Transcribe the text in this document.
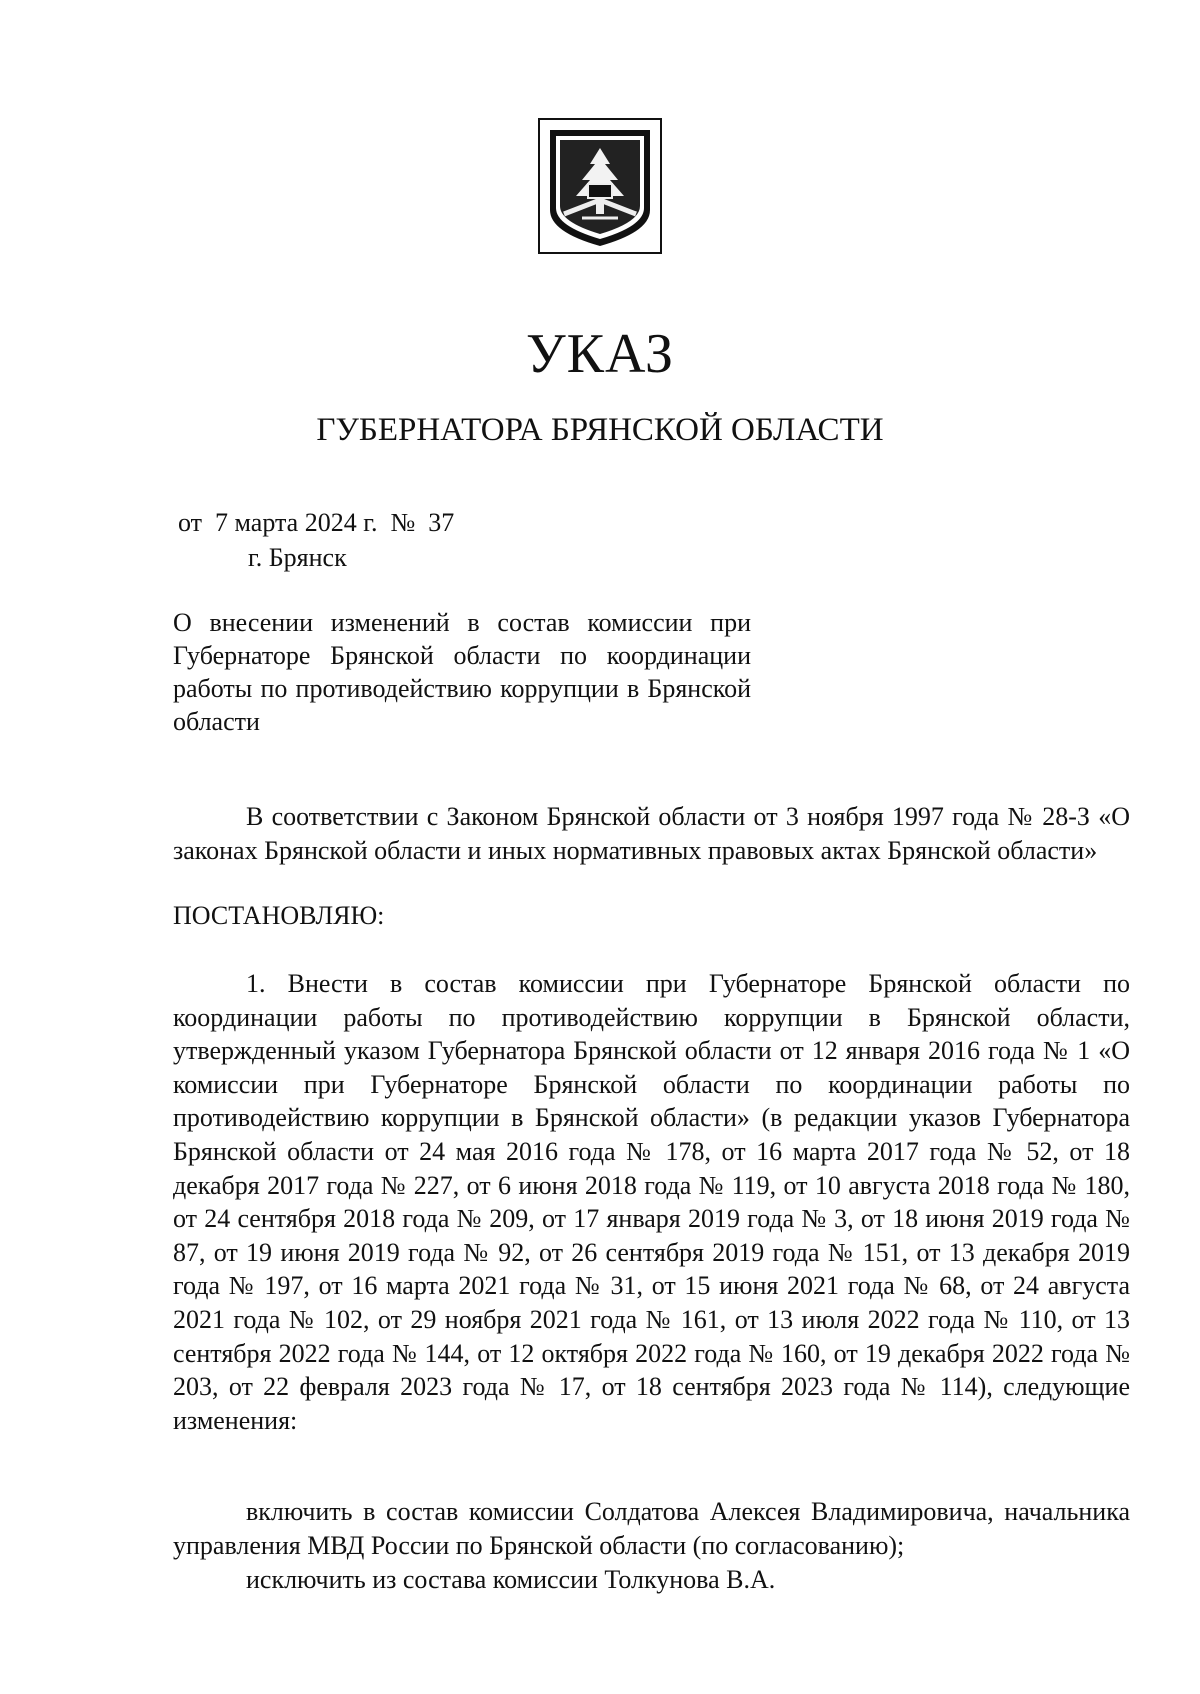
УКАЗ
ГУБЕРНАТОРА БРЯНСКОЙ ОБЛАСТИ
от  7 марта 2024 г.  №  37
г. Брянск
О внесении изменений в состав комиссии при Губернаторе Брянской области по координации работы по противодействию коррупции в Брянской области
В соответствии с Законом Брянской области от 3 ноября 1997 года № 28-З «О законах Брянской области и иных нормативных правовых актах Брянской области»
ПОСТАНОВЛЯЮ:
1. Внести в состав комиссии при Губернаторе Брянской области по координации работы по противодействию коррупции в Брянской области, утвержденный указом Губернатора Брянской области от 12 января 2016 года № 1 «О комиссии при Губернаторе Брянской области по координации работы по противодействию коррупции в Брянской области» (в редакции указов Губернатора Брянской области от 24 мая 2016 года № 178, от 16 марта 2017 года № 52, от 18 декабря 2017 года № 227, от 6 июня 2018 года № 119, от 10 августа 2018 года № 180, от 24 сентября 2018 года № 209, от 17 января 2019 года № 3, от 18 июня 2019 года № 87, от 19 июня 2019 года № 92, от 26 сентября 2019 года № 151, от 13 декабря 2019 года № 197, от 16 марта 2021 года № 31, от 15 июня 2021 года № 68, от 24 августа 2021 года № 102, от 29 ноября 2021 года № 161, от 13 июля 2022 года № 110, от 13 сентября 2022 года № 144, от 12 октября 2022 года № 160, от 19 декабря 2022 года № 203, от 22 февраля 2023 года № 17, от 18 сентября 2023 года № 114), следующие изменения:
включить в состав комиссии Солдатова Алексея Владимировича, начальника управления МВД России по Брянской области (по согласованию);
исключить из состава комиссии Толкунова В.А.
